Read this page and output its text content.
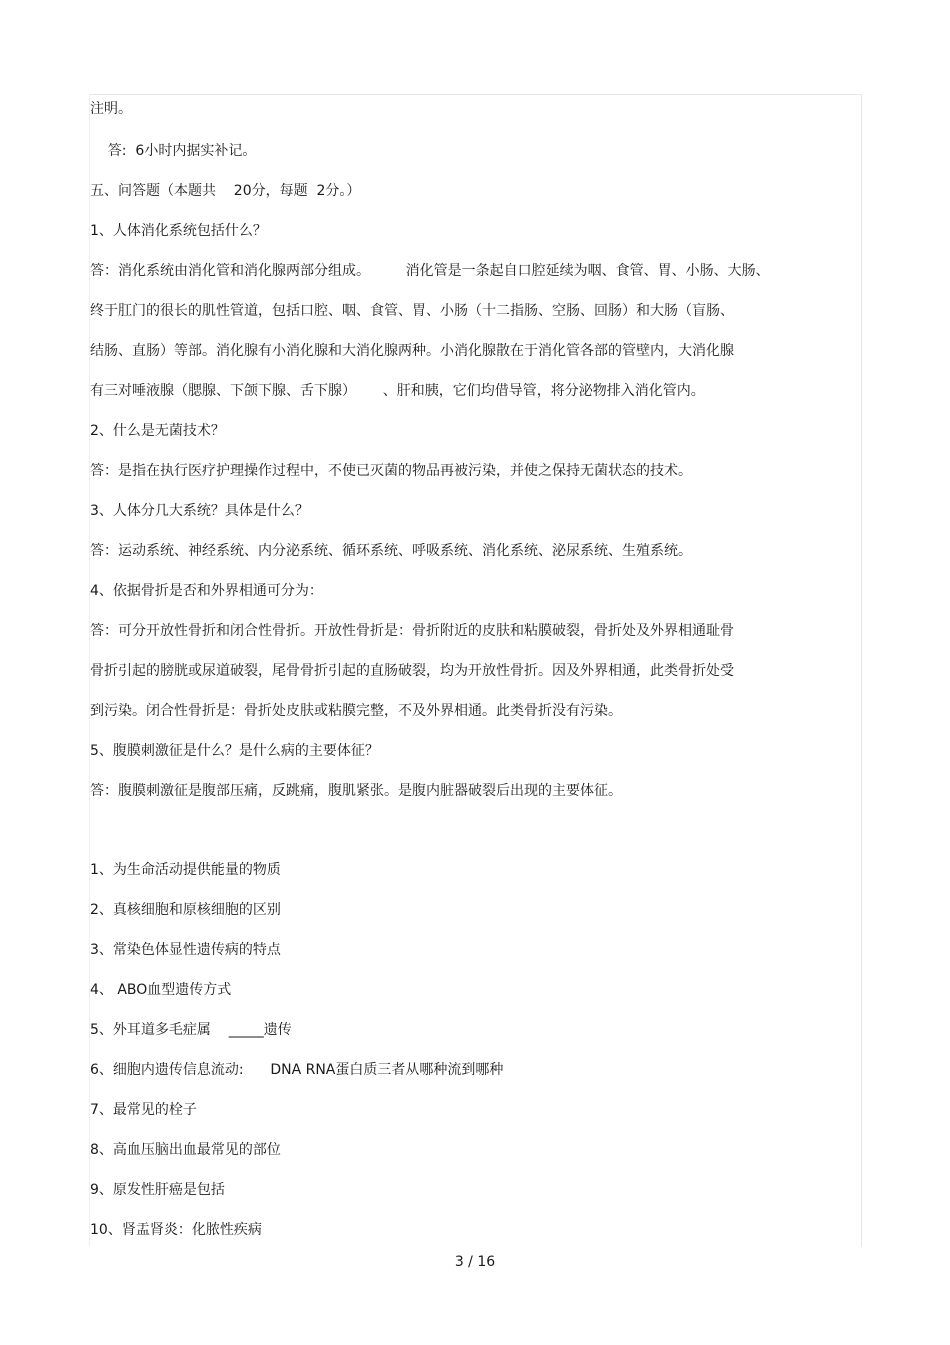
注明。
答:  6小时内据实补记。
五、问答题（本题共    20分，每题  2分。）
1、人体消化系统包括什么？
答：消化系统由消化管和消化腺两部分组成。        消化管是一条起自口腔延续为咽、食管、胃、小肠、大肠、
终于肛门的很长的肌性管道，包括口腔、咽、食管、胃、小肠（十二指肠、空肠、回肠）和大肠（盲肠、
结肠、直肠）等部。消化腺有小消化腺和大消化腺两种。小消化腺散在于消化管各部的管壁内，大消化腺
有三对唾液腺（腮腺、下颌下腺、舌下腺）      、肝和胰，它们均借导管，将分泌物排入消化管内。
2、什么是无菌技术？
答：是指在执行医疗护理操作过程中，不使已灭菌的物品再被污染，并使之保持无菌状态的技术。
3、人体分几大系统？具体是什么？
答：运动系统、神经系统、内分泌系统、循环系统、呼吸系统、消化系统、泌尿系统、生殖系统。
4、依据骨折是否和外界相通可分为：
答：可分开放性骨折和闭合性骨折。开放性骨折是：骨折附近的皮肤和粘膜破裂，骨折处及外界相通耻骨
骨折引起的膀胱或尿道破裂，尾骨骨折引起的直肠破裂，均为开放性骨折。因及外界相通，此类骨折处受
到污染。闭合性骨折是：骨折处皮肤或粘膜完整，不及外界相通。此类骨折没有污染。
5、腹膜刺激征是什么？是什么病的主要体征？
答：腹膜刺激征是腹部压痛，反跳痛，腹肌紧张。是腹内脏器破裂后出现的主要体征。
1、为生命活动提供能量的物质
2、真核细胞和原核细胞的区别
3、常染色体显性遗传病的特点
4、 ABO血型遗传方式
5、外耳道多毛症属    _____遗传
6、细胞内遗传信息流动:      DNA RNA蛋白质三者从哪种流到哪种
7、最常见的栓子
8、高血压脑出血最常见的部位
9、原发性肝癌是包括
10、肾盂肾炎：化脓性疾病
3 / 16
